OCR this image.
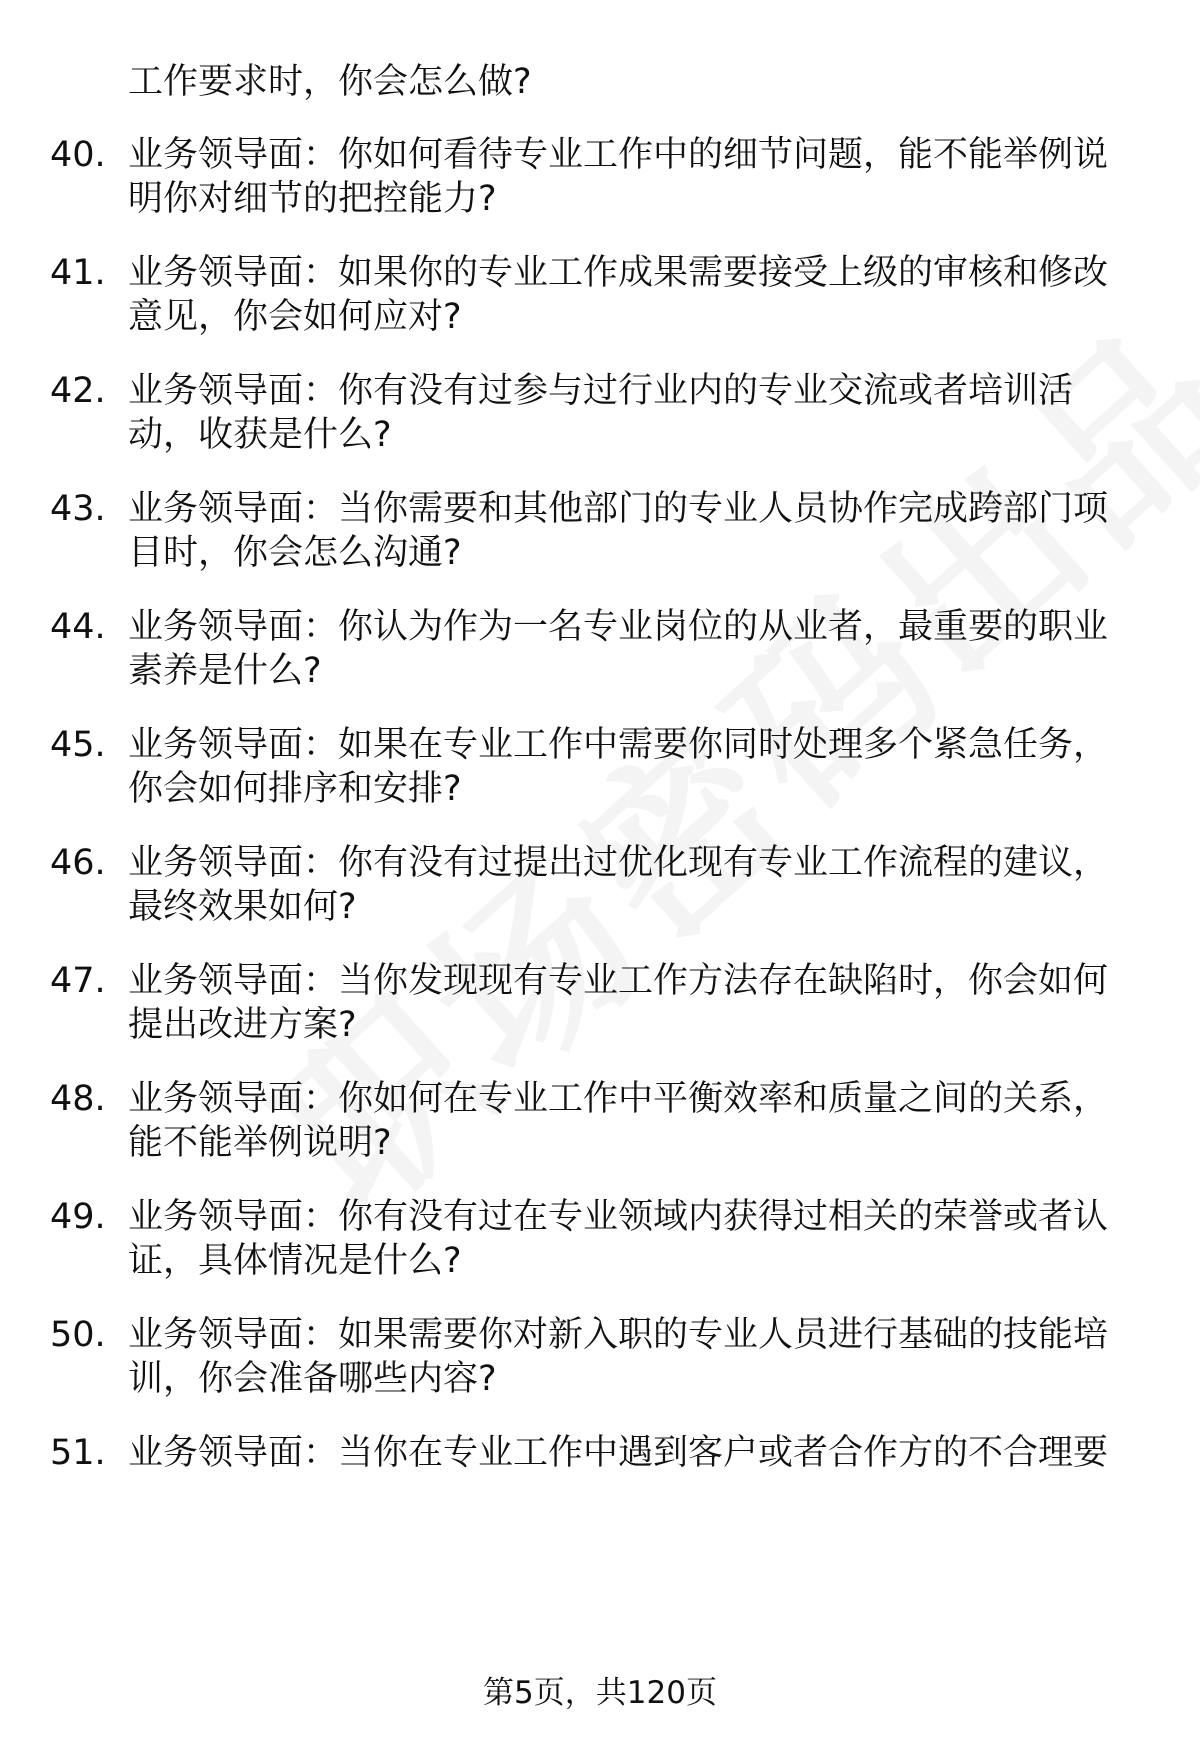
工作要求时，你会怎么做?
40. 业务领导面：你如何看待专业工作中的细节问题，能不能举例说
明你对细节的把控能力?
41. 业务领导面：如果你的专业工作成果需要接受上级的审核和修改
意见，你会如何应对?
42. 业务领导面：你有没有过参与过行业内的专业交流或者培训活
动，收获是什么?
43. 业务领导面：当你需要和其他部门的专业人员协作完成跨部门项
目时，你会怎么沟通?
44. 业务领导面：你认为作为一名专业岗位的从业者，最重要的职业
素养是什么?
45. 业务领导面：如果在专业工作中需要你同时处理多个紧急任务，
你会如何排序和安排?
46. 业务领导面：你有没有过提出过优化现有专业工作流程的建议，
最终效果如何?
47. 业务领导面：当你发现现有专业工作方法存在缺陷时，你会如何
提出改进方案?
48. 业务领导面：你如何在专业工作中平衡效率和质量之间的关系，
能不能举例说明?
49. 业务领导面：你有没有过在专业领域内获得过相关的荣誉或者认
证，具体情况是什么?
50. 业务领导面：如果需要你对新入职的专业人员进行基础的技能培
训，你会准备哪些内容?
51. 业务领导面：当你在专业工作中遇到客户或者合作方的不合理要
第5页，共120页
